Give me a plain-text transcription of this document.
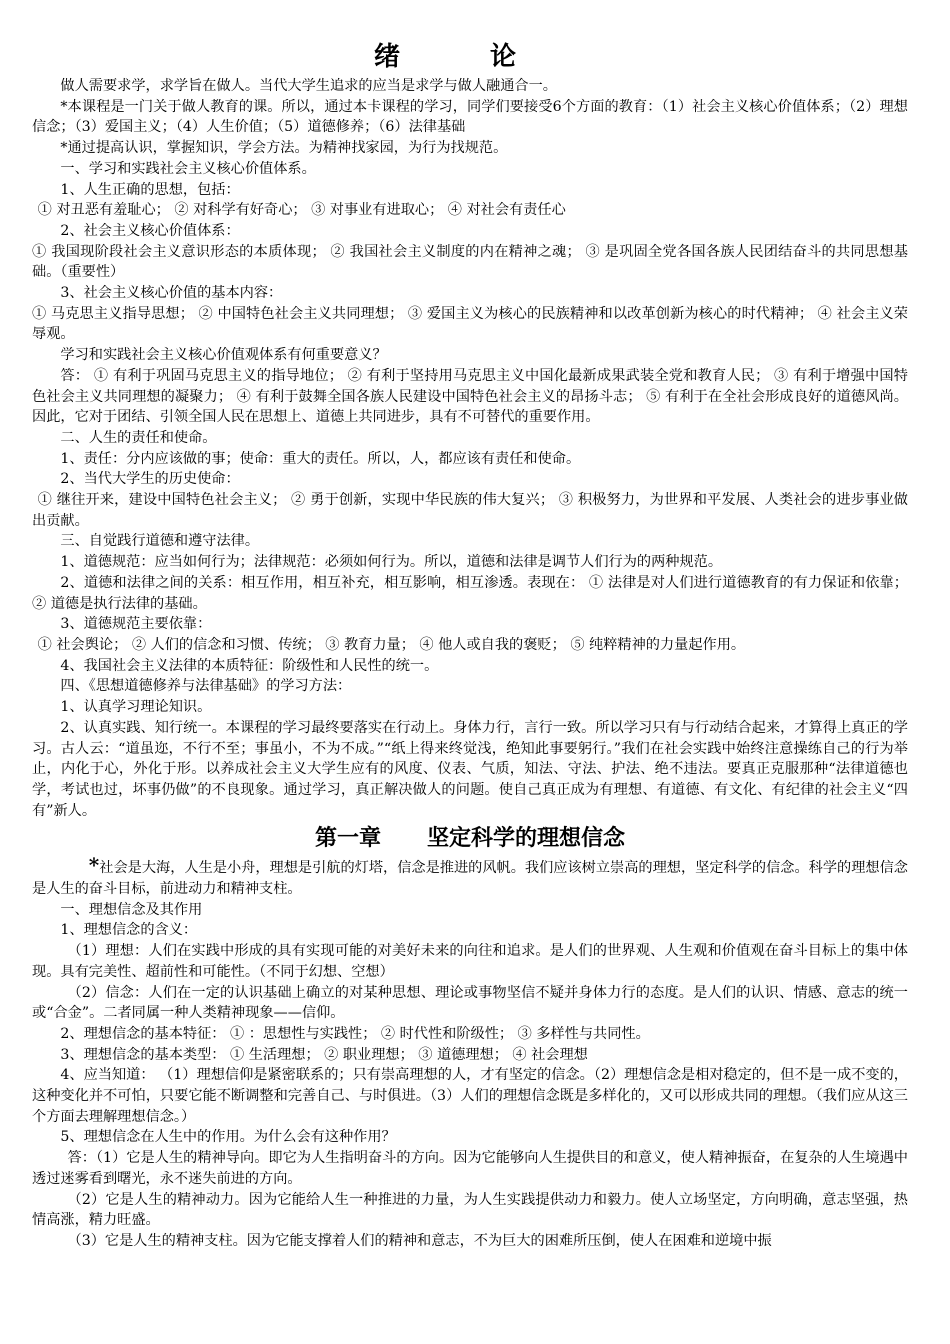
绪论

做人需要求学，求学旨在做人。当代大学生追求的应当是求学与做人融通合一。

*本课程是一门关于做人教育的课。所以，通过本卡课程的学习，同学们要接受6个方面的教育：（1）社会主义核心价值体系；（2）理想信念；（3）爱国主义；（4）人生价值；（5）道德修养；（6）法律基础

*通过提高认识，掌握知识，学会方法。为精神找家园，为行为找规范。

一、学习和实践社会主义核心价值体系。

1、人生正确的思想，包括：

① 对丑恶有羞耻心； ② 对科学有好奇心； ③ 对事业有进取心； ④ 对社会有责任心

2、社会主义核心价值体系：

① 我国现阶段社会主义意识形态的本质体现； ② 我国社会主义制度的内在精神之魂； ③ 是巩固全党各国各族人民团结奋斗的共同思想基础。（重要性）

3、社会主义核心价值的基本内容：

① 马克思主义指导思想； ② 中国特色社会主义共同理想； ③ 爱国主义为核心的民族精神和以改革创新为核心的时代精神； ④ 社会主义荣辱观。

学习和实践社会主义核心价值观体系有何重要意义？

答： ① 有利于巩固马克思主义的指导地位； ② 有利于坚持用马克思主义中国化最新成果武装全党和教育人民； ③ 有利于增强中国特色社会主义共同理想的凝聚力； ④ 有利于鼓舞全国各族人民建设中国特色社会主义的昂扬斗志； ⑤ 有利于在全社会形成良好的道德风尚。因此，它对于团结、引领全国人民在思想上、道德上共同进步，具有不可替代的重要作用。

二、人生的责任和使命。

1、责任：分内应该做的事；使命：重大的责任。所以，人，都应该有责任和使命。

2、当代大学生的历史使命：

① 继往开来，建设中国特色社会主义； ② 勇于创新，实现中华民族的伟大复兴； ③ 积极努力，为世界和平发展、人类社会的进步事业做出贡献。

三、自觉践行道德和遵守法律。

1、道德规范：应当如何行为；法律规范：必须如何行为。所以，道德和法律是调节人们行为的两种规范。

2、道德和法律之间的关系：相互作用，相互补充，相互影响，相互渗透。表现在： ① 法律是对人们进行道德教育的有力保证和依靠； ② 道德是执行法律的基础。

3、道德规范主要依靠：

① 社会舆论； ② 人们的信念和习惯、传统； ③ 教育力量； ④ 他人或自我的褒贬； ⑤ 纯粹精神的力量起作用。

4、我国社会主义法律的本质特征：阶级性和人民性的统一。

四、《思想道德修养与法律基础》的学习方法：

1、认真学习理论知识。

2、认真实践、知行统一。本课程的学习最终要落实在行动上。身体力行，言行一致。所以学习只有与行动结合起来，才算得上真正的学习。古人云：“道虽迩，不行不至；事虽小，不为不成。”“纸上得来终觉浅，绝知此事要躬行。”我们在社会实践中始终注意操练自己的行为举止，内化于心，外化于形。以养成社会主义大学生应有的风度、仪表、气质，知法、守法、护法、绝不违法。要真正克服那种“法律道德也学，考试也过，坏事仍做”的不良现象。通过学习，真正解决做人的问题。使自己真正成为有理想、有道德、有文化、有纪律的社会主义“四有”新人。

第一章 坚定科学的理想信念

*社会是大海，人生是小舟，理想是引航的灯塔，信念是推进的风帆。我们应该树立崇高的理想，坚定科学的信念。科学的理想信念是人生的奋斗目标，前进动力和精神支柱。

一、理想信念及其作用

1、理想信念的含义：

（1）理想：人们在实践中形成的具有实现可能的对美好未来的向往和追求。是人们的世界观、人生观和价值观在奋斗目标上的集中体现。具有完美性、超前性和可能性。（不同于幻想、空想）

（2）信念：人们在一定的认识基础上确立的对某种思想、理论或事物坚信不疑并身体力行的态度。是人们的认识、情感、意志的统一或“合金”。二者同属一种人类精神现象——信仰。

2、理想信念的基本特征： ① ：思想性与实践性； ② 时代性和阶级性； ③ 多样性与共同性。

3、理想信念的基本类型： ① 生活理想； ② 职业理想； ③ 道德理想； ④ 社会理想

4、应当知道： （1）理想信仰是紧密联系的；只有崇高理想的人，才有坚定的信念。（2）理想信念是相对稳定的，但不是一成不变的，这种变化并不可怕，只要它能不断调整和完善自己、与时俱进。（3）人们的理想信念既是多样化的，又可以形成共同的理想。（我们应从这三个方面去理解理想信念。）

5、理想信念在人生中的作用。为什么会有这种作用？

答：（1）它是人生的精神导向。即它为人生指明奋斗的方向。因为它能够向人生提供目的和意义，使人精神振奋，在复杂的人生境遇中透过迷雾看到曙光，永不迷失前进的方向。

（2）它是人生的精神动力。因为它能给人生一种推进的力量，为人生实践提供动力和毅力。使人立场坚定，方向明确，意志坚强，热情高涨，精力旺盛。

（3）它是人生的精神支柱。因为它能支撑着人们的精神和意志，不为巨大的困难所压倒，使人在困难和逆境中振
